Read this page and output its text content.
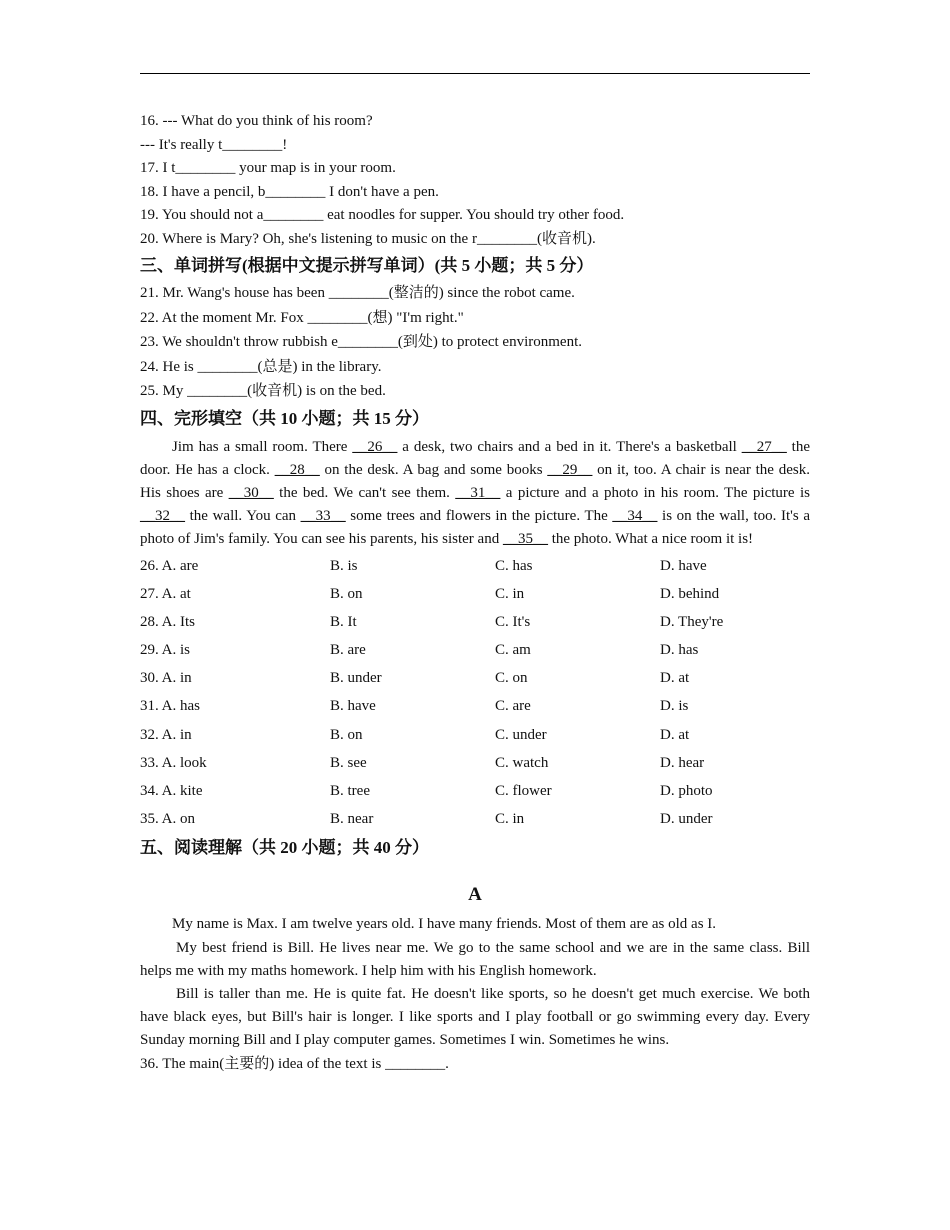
16. --- What do you think of his room?
--- It's really t________!
17. I t________ your map is in your room.
18. I have a pencil, b________ I don't have a pen.
19. You should not a________ eat noodles for supper. You should try other food.
20. Where is Mary? Oh, she's listening to music on the r________(收音机).
三、单词拼写(根据中文提示拼写单词）(共 5 小题；共 5 分）
21. Mr. Wang's house has been ________(整洁的) since the robot came.
22. At the moment Mr. Fox ________(想) "I'm right."
23. We shouldn't throw rubbish e________(到处) to protect environment.
24. He is ________(总是) in the library.
25. My ________(收音机) is on the bed.
四、完形填空（共 10 小题；共 15 分）
Jim has a small room. There __26__ a desk, two chairs and a bed in it. There's a basketball __27__ the door. He has a clock. __28__ on the desk. A bag and some books __29__ on it, too. A chair is near the desk. His shoes are __30__ the bed. We can't see them. __31__ a picture and a photo in his room. The picture is __32__ the wall. You can __33__ some trees and flowers in the picture. The __34__ is on the wall, too. It's a photo of Jim's family. You can see his parents, his sister and __35__ the photo. What a nice room it is!
26. A. are	B. is	C. has	D. have
27. A. at	B. on	C. in	D. behind
28. A. Its	B. It	C. It's	D. They're
29. A. is	B. are	C. am	D. has
30. A. in	B. under	C. on	D. at
31. A. has	B. have	C. are	D. is
32. A. in	B. on	C. under	D. at
33. A. look	B. see	C. watch	D. hear
34. A. kite	B. tree	C. flower	D. photo
35. A. on	B. near	C. in	D. under
五、阅读理解（共 20 小题；共 40 分）
A
My name is Max. I am twelve years old. I have many friends. Most of them are as old as I.
My best friend is Bill. He lives near me. We go to the same school and we are in the same class. Bill helps me with my maths homework. I help him with his English homework.
Bill is taller than me. He is quite fat. He doesn't like sports, so he doesn't get much exercise. We both have black eyes, but Bill's hair is longer. I like sports and I play football or go swimming every day. Every Sunday morning Bill and I play computer games. Sometimes I win. Sometimes he wins.
36. The main(主要的) idea of the text is ________.
